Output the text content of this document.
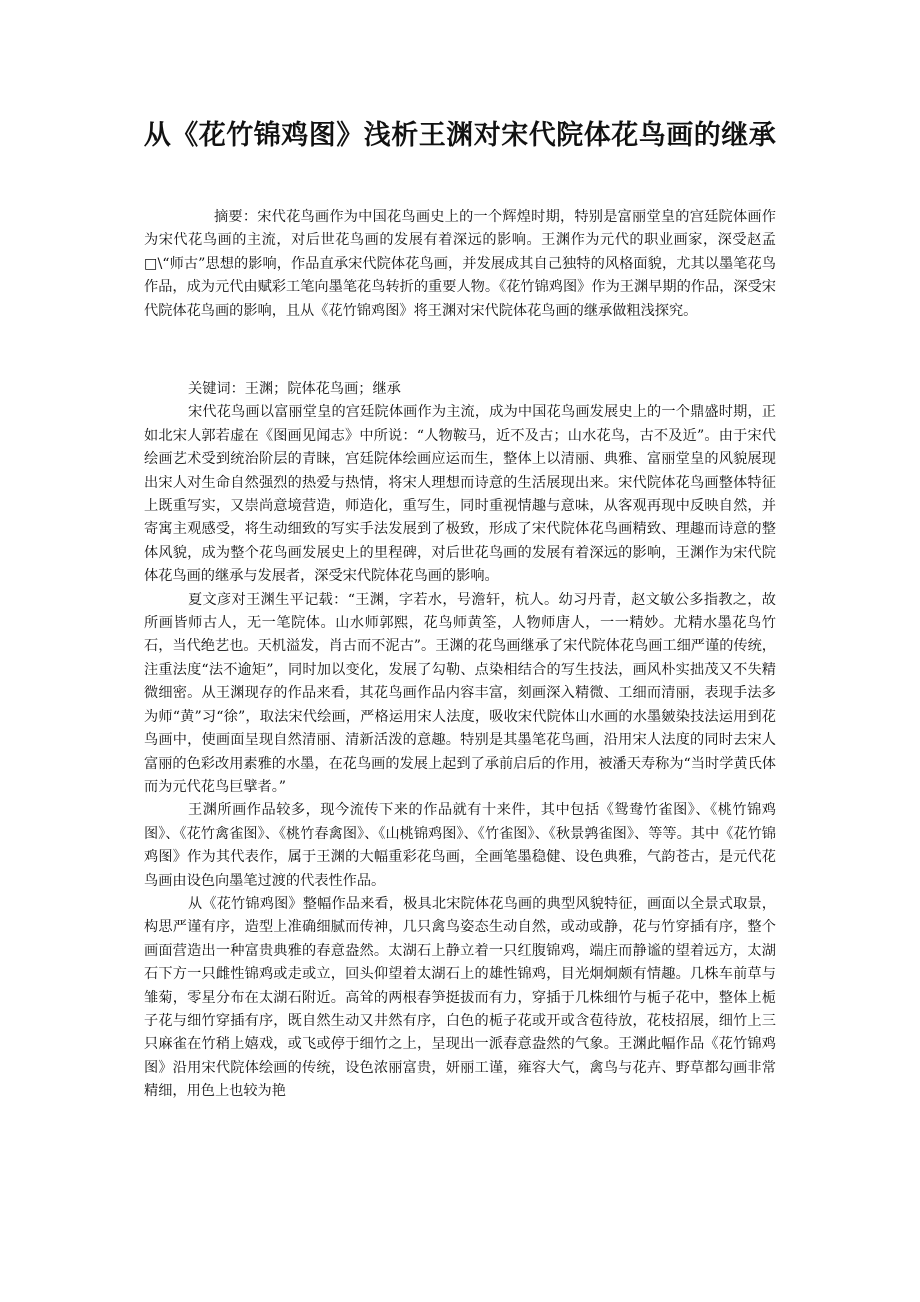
从《花竹锦鸡图》浅析王渊对宋代院体花鸟画的继承

摘要：宋代花鸟画作为中国花鸟画史上的一个辉煌时期，特别是富丽堂皇的宫廷院体画作为宋代花鸟画的主流，对后世花鸟画的发展有着深远的影响。王渊作为元代的职业画家，深受赵孟□\“师古”思想的影响，作品直承宋代院体花鸟画，并发展成其自己独特的风格面貌，尤其以墨笔花鸟作品，成为元代由赋彩工笔向墨笔花鸟转折的重要人物。《花竹锦鸡图》作为王渊早期的作品，深受宋代院体花鸟画的影响，且从《花竹锦鸡图》将王渊对宋代院体花鸟画的继承做粗浅探究。

关键词：王渊；院体花鸟画；继承

宋代花鸟画以富丽堂皇的宫廷院体画作为主流，成为中国花鸟画发展史上的一个鼎盛时期，正如北宋人郭若虚在《图画见闻志》中所说：“人物鞍马，近不及古；山水花鸟，古不及近”。由于宋代绘画艺术受到统治阶层的青睐，宫廷院体绘画应运而生，整体上以清丽、典雅、富丽堂皇的风貌展现出宋人对生命自然强烈的热爱与热情，将宋人理想而诗意的生活展现出来。宋代院体花鸟画整体特征上既重写实，又崇尚意境营造，师造化，重写生，同时重视情趣与意味，从客观再现中反映自然，并寄寓主观感受，将生动细致的写实手法发展到了极致，形成了宋代院体花鸟画精致、理趣而诗意的整体风貌，成为整个花鸟画发展史上的里程碑，对后世花鸟画的发展有着深远的影响，王渊作为宋代院体花鸟画的继承与发展者，深受宋代院体花鸟画的影响。

夏文彦对王渊生平记载：“王渊，字若水，号澹轩，杭人。幼习丹青，赵文敏公多指教之，故所画皆师古人，无一笔院体。山水师郭熙，花鸟师黄筌，人物师唐人，一一精妙。尤精水墨花鸟竹石，当代绝艺也。天机溢发，肖古而不泥古”。王渊的花鸟画继承了宋代院体花鸟画工细严谨的传统，注重法度“法不逾矩”，同时加以变化，发展了勾勒、点染相结合的写生技法，画风朴实拙茂又不失精微细密。从王渊现存的作品来看，其花鸟画作品内容丰富，刻画深入精微、工细而清丽，表现手法多为师“黄”习“徐”，取法宋代绘画，严格运用宋人法度，吸收宋代院体山水画的水墨皴染技法运用到花鸟画中，使画面呈现自然清丽、清新活泼的意趣。特别是其墨笔花鸟画，沿用宋人法度的同时去宋人富丽的色彩改用素雅的水墨，在花鸟画的发展上起到了承前启后的作用，被潘天寿称为“当时学黄氏体而为元代花鸟巨擘者。”

王渊所画作品较多，现今流传下来的作品就有十来件，其中包括《鸳鸯竹雀图》、《桃竹锦鸡图》、《花竹禽雀图》、《桃竹春禽图》、《山桃锦鸡图》、《竹雀图》、《秋景鹑雀图》、等等。其中《花竹锦鸡图》作为其代表作，属于王渊的大幅重彩花鸟画，全画笔墨稳健、设色典雅，气韵苍古，是元代花鸟画由设色向墨笔过渡的代表性作品。

从《花竹锦鸡图》整幅作品来看，极具北宋院体花鸟画的典型风貌特征，画面以全景式取景，构思严谨有序，造型上准确细腻而传神，几只禽鸟姿态生动自然，或动或静，花与竹穿插有序，整个画面营造出一种富贵典雅的春意盎然。太湖石上静立着一只红腹锦鸡，端庄而静谧的望着远方，太湖石下方一只雌性锦鸡或走或立，回头仰望着太湖石上的雄性锦鸡，目光炯炯颇有情趣。几株车前草与雏菊，零星分布在太湖石附近。高耸的两根春笋挺拔而有力，穿插于几株细竹与栀子花中，整体上栀子花与细竹穿插有序，既自然生动又井然有序，白色的栀子花或开或含苞待放，花枝招展，细竹上三只麻雀在竹稍上嬉戏，或飞或停于细竹之上，呈现出一派春意盎然的气象。王渊此幅作品《花竹锦鸡图》沿用宋代院体绘画的传统，设色浓丽富贵，妍丽工谨，雍容大气，禽鸟与花卉、野草都勾画非常精细，用色上也较为艳
